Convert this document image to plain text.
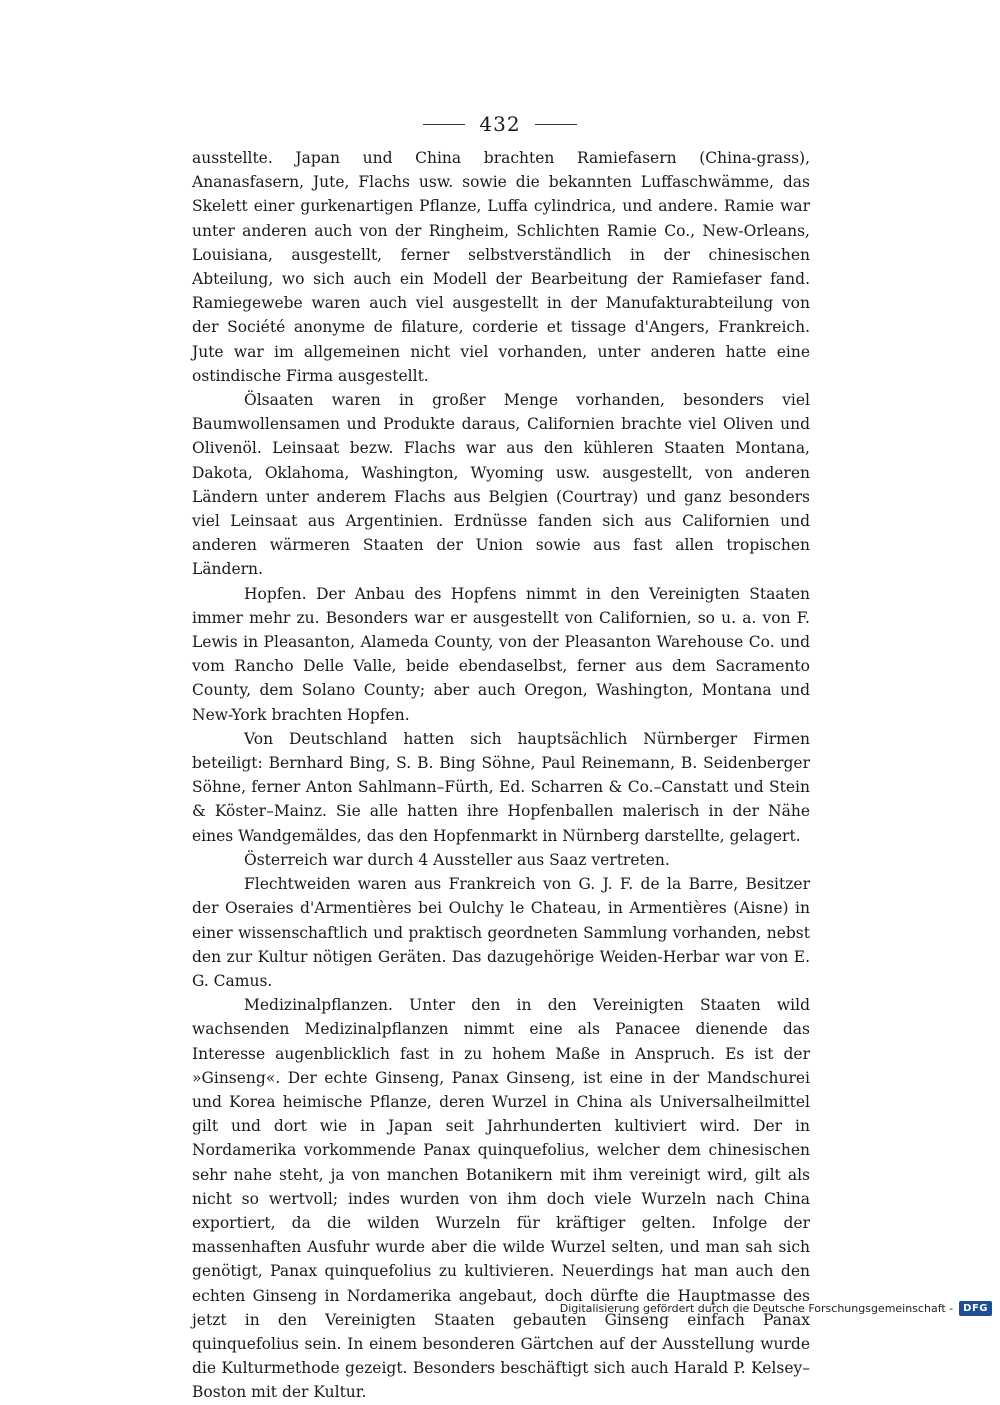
432

ausstellte. Japan und China brachten Ramiefasern (China-grass), Ananasfasern, Jute, Flachs usw. sowie die bekannten Luffaschwämme, das Skelett einer gurkenartigen Pflanze, Luffa cylindrica, und andere. Ramie war unter anderen auch von der Ringheim, Schlichten Ramie Co., New-Orleans, Louisiana, ausgestellt, ferner selbstverständlich in der chinesischen Abteilung, wo sich auch ein Modell der Bearbeitung der Ramiefaser fand. Ramiegewebe waren auch viel ausgestellt in der Manufakturabteilung von der Société anonyme de filature, corderie et tissage d'Angers, Frankreich. Jute war im allgemeinen nicht viel vorhanden, unter anderen hatte eine ostindische Firma ausgestellt.

Ölsaaten waren in großer Menge vorhanden, besonders viel Baumwollensamen und Produkte daraus, Californien brachte viel Oliven und Olivenöl. Leinsaat bezw. Flachs war aus den kühleren Staaten Montana, Dakota, Oklahoma, Washington, Wyoming usw. ausgestellt, von anderen Ländern unter anderem Flachs aus Belgien (Courtray) und ganz besonders viel Leinsaat aus Argentinien. Erdnüsse fanden sich aus Californien und anderen wärmeren Staaten der Union sowie aus fast allen tropischen Ländern.

Hopfen. Der Anbau des Hopfens nimmt in den Vereinigten Staaten immer mehr zu. Besonders war er ausgestellt von Californien, so u. a. von F. Lewis in Pleasanton, Alameda County, von der Pleasanton Warehouse Co. und vom Rancho Delle Valle, beide ebendaselbst, ferner aus dem Sacramento County, dem Solano County; aber auch Oregon, Washington, Montana und New-York brachten Hopfen.

Von Deutschland hatten sich hauptsächlich Nürnberger Firmen beteiligt: Bernhard Bing, S. B. Bing Söhne, Paul Reinemann, B. Seidenberger Söhne, ferner Anton Sahlmann–Fürth, Ed. Scharren & Co.–Canstatt und Stein & Köster–Mainz. Sie alle hatten ihre Hopfenballen malerisch in der Nähe eines Wandgemäldes, das den Hopfenmarkt in Nürnberg darstellte, gelagert.

Österreich war durch 4 Aussteller aus Saaz vertreten.

Flechtweiden waren aus Frankreich von G. J. F. de la Barre, Besitzer der Oseraies d'Armentières bei Oulchy le Chateau, in Armentières (Aisne) in einer wissenschaftlich und praktisch geordneten Sammlung vorhanden, nebst den zur Kultur nötigen Geräten. Das dazugehörige Weiden-Herbar war von E. G. Camus.

Medizinalpflanzen. Unter den in den Vereinigten Staaten wild wachsenden Medizinalpflanzen nimmt eine als Panacee dienende das Interesse augenblicklich fast in zu hohem Maße in Anspruch. Es ist der »Ginseng«. Der echte Ginseng, Panax Ginseng, ist eine in der Mandschurei und Korea heimische Pflanze, deren Wurzel in China als Universalheilmittel gilt und dort wie in Japan seit Jahrhunderten kultiviert wird. Der in Nordamerika vorkommende Panax quinquefolius, welcher dem chinesischen sehr nahe steht, ja von manchen Botanikern mit ihm vereinigt wird, gilt als nicht so wertvoll; indes wurden von ihm doch viele Wurzeln nach China exportiert, da die wilden Wurzeln für kräftiger gelten. Infolge der massenhaften Ausfuhr wurde aber die wilde Wurzel selten, und man sah sich genötigt, Panax quinquefolius zu kultivieren. Neuerdings hat man auch den echten Ginseng in Nordamerika angebaut, doch dürfte die Hauptmasse des jetzt in den Vereinigten Staaten gebauten Ginseng einfach Panax quinquefolius sein. In einem besonderen Gärtchen auf der Ausstellung wurde die Kulturmethode gezeigt. Besonders beschäftigt sich auch Harald P. Kelsey–Boston mit der Kultur.

Digitalisierung gefördert durch die Deutsche Forschungsgemeinschaft -	DFG
